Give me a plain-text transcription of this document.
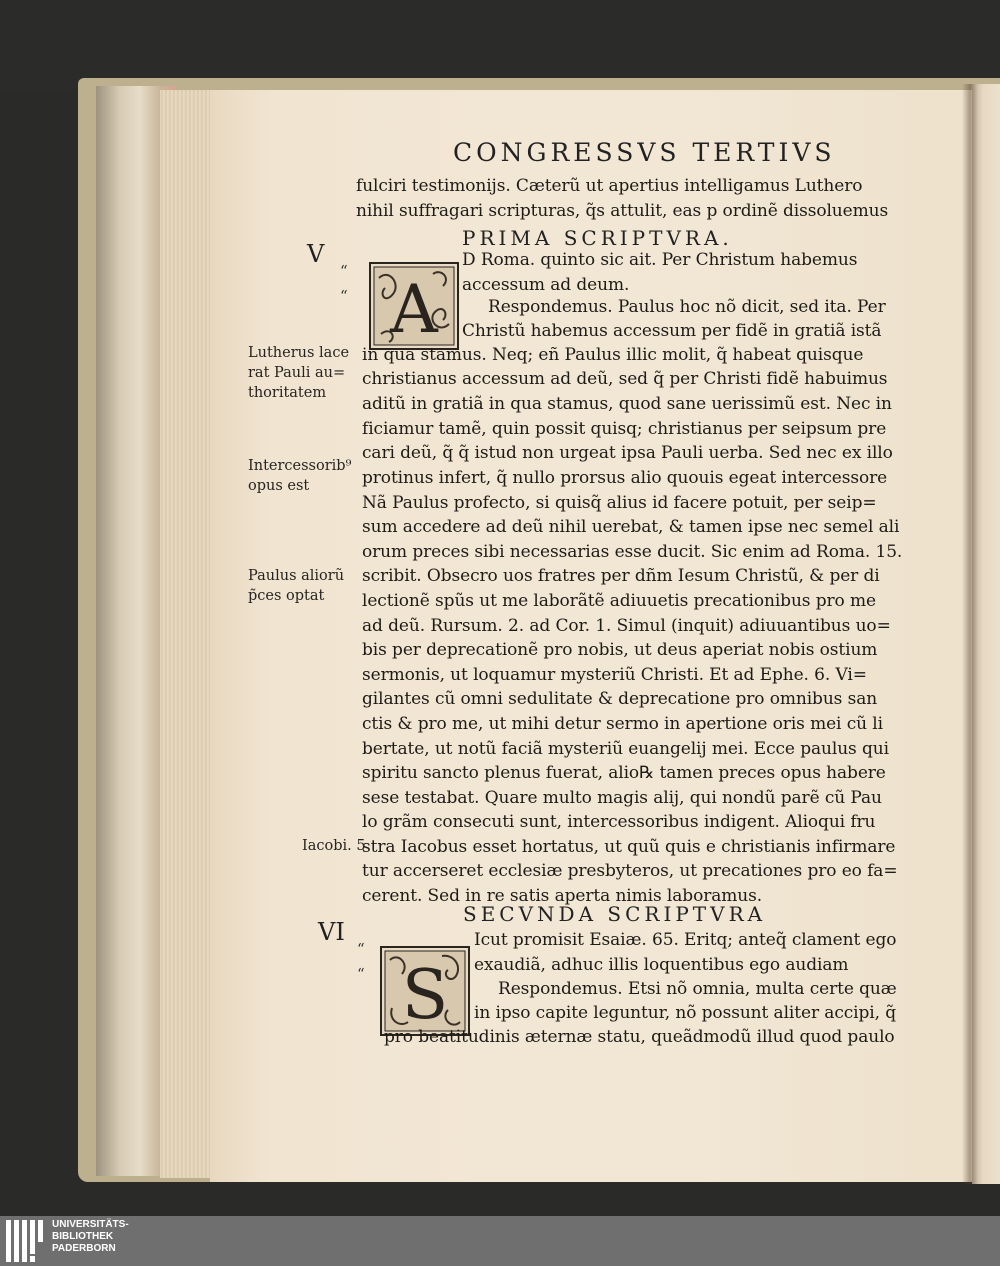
CONGRESSVS TERTIVS
V
VI
PRIMA SCRIPTVRA.
SECVNDA SCRIPTVRA
“
“
“
“
A
S
fulciri testimonijs. Cæterũ ut apertius intelligamus Luthero
nihil suffragari scripturas, q̃s attulit, eas p ordinẽ dissoluemus
D Roma. quinto sic ait. Per Christum habemus
accessum ad deum.
Respondemus. Paulus hoc nõ dicit, sed ita. Per
Christũ habemus accessum per fidẽ in gratiã istã
in qua stamus. Neq; eñ Paulus illic molit, q̃ habeat quisque
christianus accessum ad deũ, sed q̃ per Christi fidẽ habuimus
aditũ in gratiã in qua stamus, quod sane uerissimũ est. Nec in
ficiamur tamẽ, quin possit quisq; christianus per seipsum pre
cari deũ, q̃ q̃ istud non urgeat ipsa Pauli uerba. Sed nec ex illo
protinus infert, q̃ nullo prorsus alio quouis egeat intercessore
Nã Paulus profecto, si quisq̃ alius id facere potuit, per seip=
sum accedere ad deũ nihil uerebat, & tamen ipse nec semel ali
orum preces sibi necessarias esse ducit. Sic enim ad Roma. 15.
scribit. Obsecro uos fratres per dñm Iesum Christũ, & per di
lectionẽ spũs ut me laborãtẽ adiuuetis precationibus pro me
ad deũ. Rursum. 2. ad Cor. 1. Simul (inquit) adiuuantibus uo=
bis per deprecationẽ pro nobis, ut deus aperiat nobis ostium
sermonis, ut loquamur mysteriũ Christi. Et ad Ephe. 6. Vi=
gilantes cũ omni sedulitate & deprecatione pro omnibus san
ctis & pro me, ut mihi detur sermo in apertione oris mei cũ li
bertate, ut notũ faciã mysteriũ euangelij mei. Ecce paulus qui
spiritu sancto plenus fuerat, alio℞ tamen preces opus habere
sese testabat. Quare multo magis alij, qui nondũ parẽ cũ Pau
lo grãm consecuti sunt, intercessoribus indigent. Alioqui fru
stra Iacobus esset hortatus, ut quũ quis e christianis infirmare
tur accerseret ecclesiæ presbyteros, ut precationes pro eo fa=
cerent. Sed in re satis aperta nimis laboramus.
Icut promisit Esaiæ. 65. Eritq; anteq̃ clament ego
exaudiã, adhuc illis loquentibus ego audiam
Respondemus. Etsi nõ omnia, multa certe quæ
in ipso capite leguntur, nõ possunt aliter accipi, q̃
pro beatitudinis æternæ statu, queãdmodũ illud quod paulo
Lutherus lace
rat Pauli au=
thoritatem
Intercessorib⁹
opus est
Paulus aliorũ
p̃ces optat
Iacobi. 5
UNIVERSITÄTS-
BIBLIOTHEK
PADERBORN
